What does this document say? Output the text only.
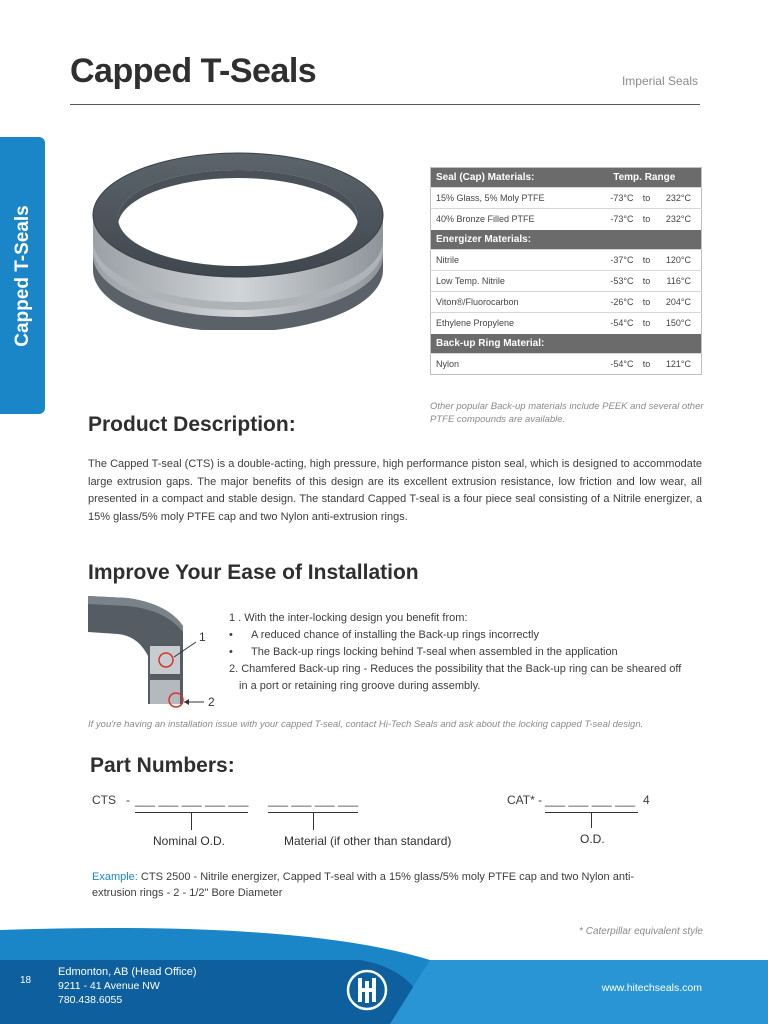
Capped T-Seals	Imperial Seals
Capped T-Seals
Seal (Cap) Materials:	Temp. Range		
15% Glass, 5% Moly PTFE	-73°C	to	232°C
40% Bronze Filled PTFE	-73°C	to	232°C
Energizer Materials:			
Nitrile	-37°C	to	120°C
Low Temp. Nitrile	-53°C	to	116°C
Viton®/Fluorocarbon	-26°C	to	204°C
Ethylene Propylene	-54°C	to	150°C
Back-up Ring Material:			
Nylon	-54°C	to	121°C
Other popular Back-up materials include PEEK and several other PTFE compounds are available.
Product Description:

The Capped T-seal (CTS) is a double-acting, high pressure, high performance piston seal, which is designed to accommodate large extrusion gaps. The major benefits of this design are its excellent extrusion resistance, low friction and low wear, all presented in a compact and stable design. The standard Capped T-seal is a four piece seal consisting of a Nitrile energizer, a 15% glass/5% moly PTFE cap and two Nylon anti-extrusion rings.

Improve Your Ease of Installation
1
2
1 . With the inter-locking design you benefit from:
• A reduced chance of installing the Back-up rings incorrectly
• The Back-up rings locking behind T-seal when assembled in the application
2. Chamfered Back-up ring - Reduces the possibility that the Back-up ring can be sheared off
in a port or retaining ring groove during assembly.
If you're having an installation issue with your capped T-seal, contact Hi-Tech Seals and ask about the locking capped T-seal design.
Part Numbers:
CTS - ___ ___ ___ ___ ___ ___ ___ ___ ___
Nominal O.D.	Material (if other than standard)
CAT* - ___ ___ ___ ___ 4
O.D.

Example: CTS 2500 - Nitrile energizer, Capped T-seal with a 15% glass/5% moly PTFE cap and two Nylon anti-extrusion rings - 2 - 1/2" Bore Diameter

* Caterpillar equivalent style
18
Edmonton, AB (Head Office)
9211 - 41 Avenue NW
780.438.6055
www.hitechseals.com
